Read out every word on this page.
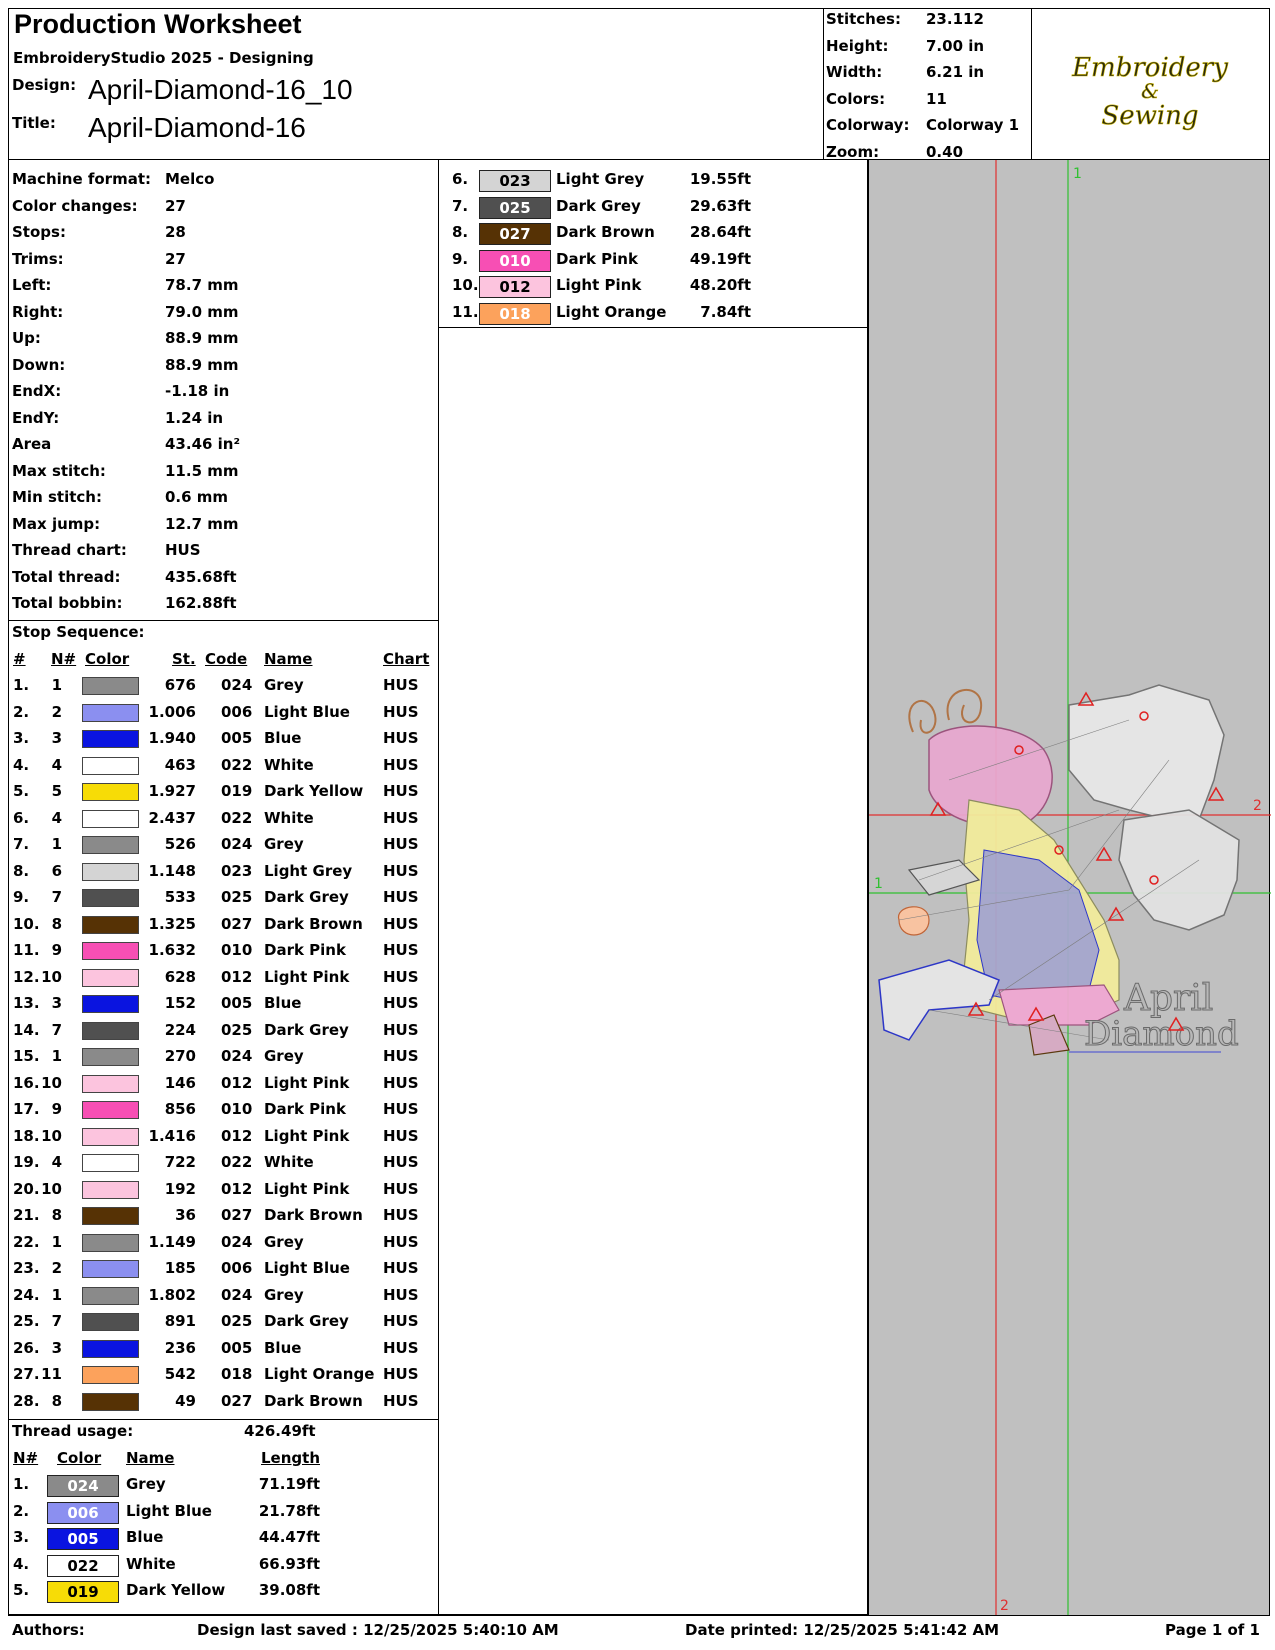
Production Worksheet
EmbroideryStudio 2025 - Designing
Design: April-Diamond-16_10
Title: April-Diamond-16
Stitches: 23.112
Height:	7.00 in
Width:	6.21 in
Colors:	11
Colorway: Colorway 1
Zoom:	0.40
Embroidery
&
Sewing
Machine format: Melco
Color changes: 27
Stops:	28
Trims:	27
Left:	78.7 mm
Right:	79.0 mm
Up:	88.9 mm
Down:	88.9 mm
EndX:	-1.18 in
EndY:	1.24 in
Area	43.46 in²
Max stitch:	11.5 mm
Min stitch:	0.6 mm
Max jump:	12.7 mm
Thread chart:	HUS
Total thread:	435.68ft
Total bobbin:	162.88ft
Stop Sequence:
# N# Color	St. Code Name	Chart
1.	1	676 024 Grey	HUS
2.	2	1.006 006 Light Blue HUS
3.	3	1.940 005 Blue	HUS
4.	4	463 022 White	HUS
5.	5	1.927 019 Dark Yellow HUS
6.	4	2.437 022 White	HUS
7.	1	526 024 Grey	HUS
8.	6	1.148 023 Light Grey HUS
9.	7	533 025 Dark Grey HUS
10. 8	1.325 027 Dark Brown HUS
11. 9	1.632 010 Dark Pink HUS
12. 10	628 012 Light Pink HUS
13. 3	152 005 Blue	HUS
14. 7	224 025 Dark Grey HUS
15. 1	270 024 Grey	HUS
16. 10	146 012 Light Pink HUS
17. 9	856 010 Dark Pink HUS
18. 10	1.416 012 Light Pink HUS
19. 4	722 022 White	HUS
20. 10	192 012 Light Pink HUS
21. 8	36 027 Dark Brown HUS
22. 1	1.149 024 Grey	HUS
23. 2	185 006 Light Blue HUS
24. 1	1.802 024 Grey	HUS
25. 7	891 025 Dark Grey HUS
26. 3	236 005 Blue	HUS
27. 11	542 018 Light Orange HUS
28. 8	49 027 Dark Brown HUS
Thread usage:	426.49ft
N# Color Name	Length
1.	024	Grey	71.19ft
2.	006	Light Blue	21.78ft
3.	005	Blue	44.47ft
4.	022	White	66.93ft
5.	019	Dark Yellow	39.08ft
6.	023	Light Grey	19.55ft
7.	025	Dark Grey	29.63ft
8.	027	Dark Brown	28.64ft
9.	010	Dark Pink	49.19ft
10.	012	Light Pink	48.20ft
11.	018	Light Orange	7.84ft
1
2
1
2
April
Diamond
Authors:	Design last saved : 12/25/2025 5:40:10 AM	Date printed: 12/25/2025 5:41:42 AM	Page 1 of 1
